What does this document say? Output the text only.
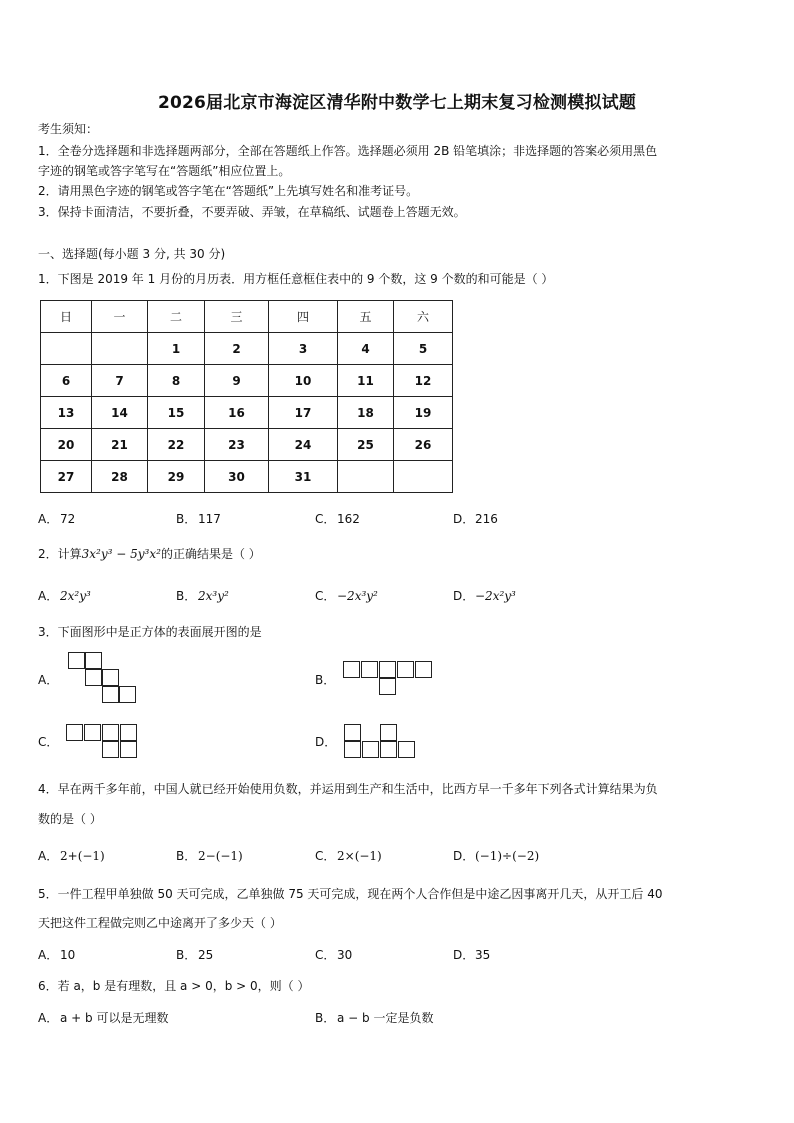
2026届北京市海淀区清华附中数学七上期末复习检测模拟试题
考生须知：
1．全卷分选择题和非选择题两部分，全部在答题纸上作答。选择题必须用 2B 铅笔填涂；非选择题的答案必须用黑色
字迹的钢笔或答字笔写在“答题纸”相应位置上。
2．请用黑色字迹的钢笔或答字笔在“答题纸”上先填写姓名和准考证号。
3．保持卡面清洁，不要折叠，不要弄破、弄皱，在草稿纸、试题卷上答题无效。
一、选择题(每小题 3 分, 共 30 分)
1．下图是 2019 年 1 月份的月历表．用方框任意框住表中的 9 个数，这 9 个数的和可能是（ ）
日	一	二	三	四	五	六
		1	2	3	4	5
6	7	8	9	10	11	12
13	14	15	16	17	18	19
20	21	22	23	24	25	26
27	28	29	30	31		
A． 72	B． 117	C． 162	D．216
2．计算3x²y³ − 5y³x²的正确结果是（ ）
A． 2x²y³	B． 2x³y²	C． −2x³y²	D．−2x²y³
3．下面图形中是正方体的表面展开图的是
A．	B．
C．	D．
4．早在两千多年前，中国人就已经开始使用负数，并运用到生产和生活中，比西方早一千多年下列各式计算结果为负
数的是（ ）
A． 2+(−1)	B． 2−(−1)	C． 2×(−1)	D．(−1)÷(−2)
5．一件工程甲单独做 50 天可完成，乙单独做 75 天可完成，现在两个人合作但是中途乙因事离开几天，从开工后 40
天把这件工程做完则乙中途离开了多少天（ ）
A． 10	B． 25	C． 30	D．35
6．若 a，b 是有理数，且 a > 0，b > 0，则（ ）
A． a + b 可以是无理数	B． a − b 一定是负数
